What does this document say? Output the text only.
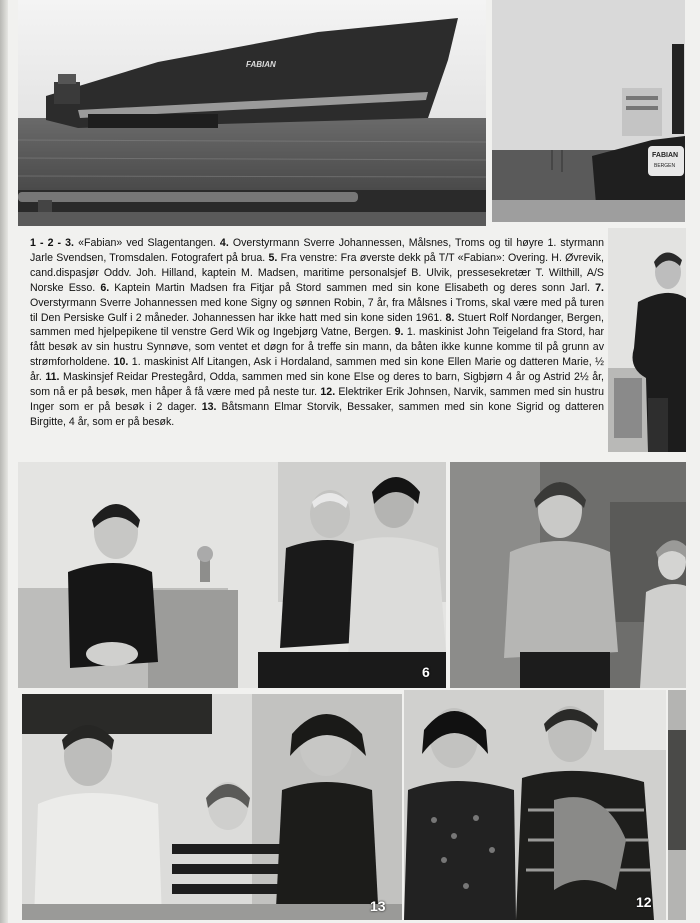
FABIAN
FABIAN
BERGEN
1 - 2 - 3. «Fabian» ved Slagentangen. 4. Overstyrmann Sverre Johannessen, Målsnes, Troms og til høyre 1. styrmann Jarle Svendsen, Tromsdalen. Fotografert på brua. 5. Fra venstre: Fra øverste dekk på T/T «Fabian»: Overing. H. Øvrevik, cand.dispasjør Oddv. Joh. Hilland, kaptein M. Madsen, maritime personalsjef B. Ulvik, pressesekretær T. Wilthill, A/S Norske Esso. 6. Kaptein Martin Madsen fra Fitjar på Stord sammen med sin kone Elisabeth og deres sonn Jarl. 7. Overstyrmann Sverre Johannessen med kone Signy og sønnen Robin, 7 år, fra Målsnes i Troms, skal være med på turen til Den Persiske Gulf i 2 måneder. Johannessen har ikke hatt med sin kone siden 1961. 8. Stuert Rolf Nordanger, Bergen, sammen med hjelpepikene til venstre Gerd Wik og Ingebjørg Vatne, Bergen. 9. 1. maskinist John Teigeland fra Stord, har fått besøk av sin hustru Synnøve, som ventet et døgn for å treffe sin mann, da båten ikke kunne komme til på grunn av strømforholdene. 10. 1. maskinist Alf Litangen, Ask i Hordaland, sammen med sin kone Ellen Marie og datteren Marie, ½ år. 11. Maskinsjef Reidar Prestegård, Odda, sammen med sin kone Else og deres to barn, Sigbjørn 4 år og Astrid 2½ år, som nå er på besøk, men håper å få være med på neste tur. 12. Elektriker Erik Johnsen, Narvik, sammen med sin hustru Inger som er på besøk i 2 dager. 13. Båtsmann Elmar Storvik, Bessaker, sammen med sin kone Sigrid og datteren Birgitte, 4 år, som er på besøk.
6
13	12
